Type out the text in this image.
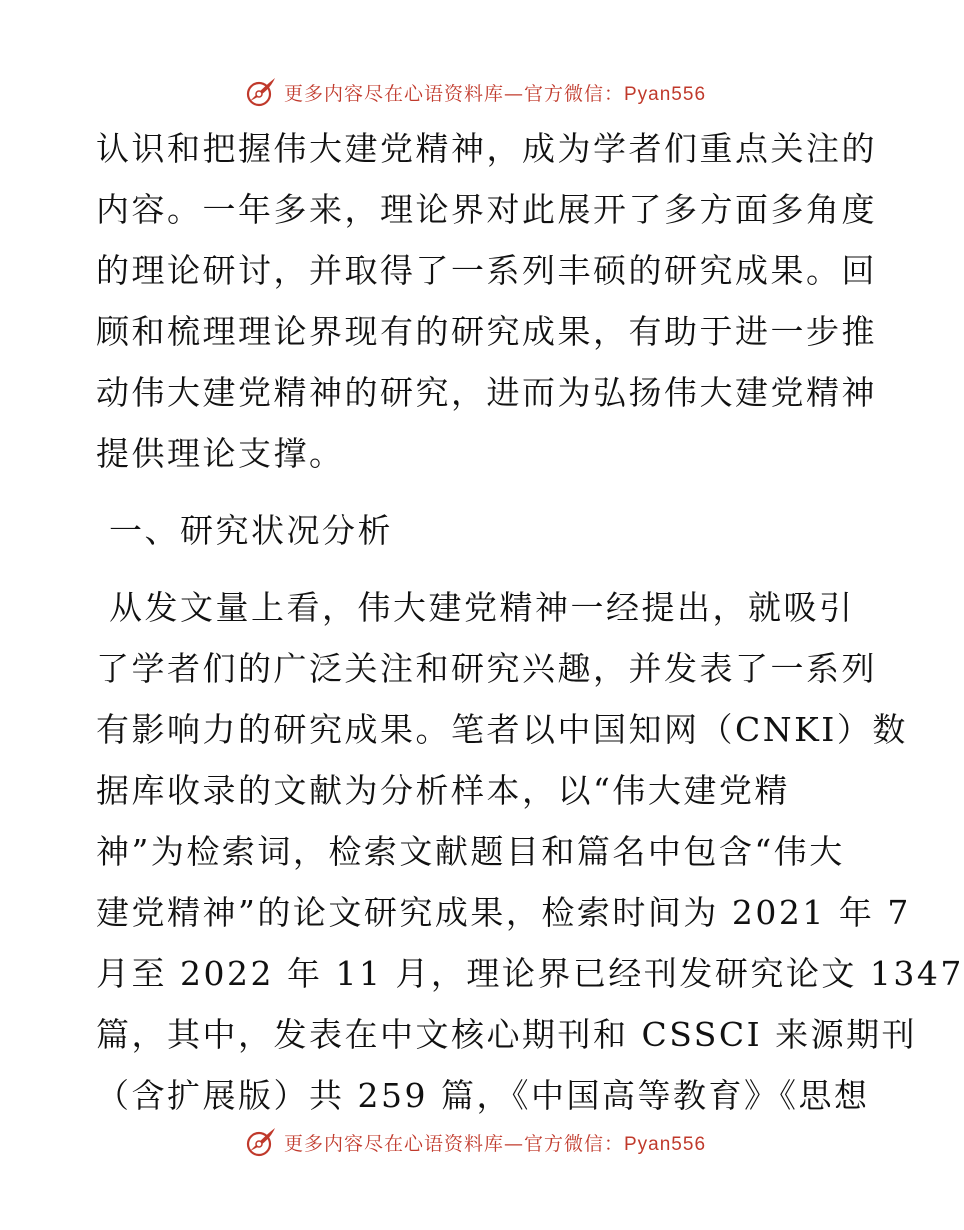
更多内容尽在心语资料库—官方微信：Pyan556
认识和把握伟大建党精神，成为学者们重点关注的
内容。一年多来，理论界对此展开了多方面多角度
的理论研讨，并取得了一系列丰硕的研究成果。回
顾和梳理理论界现有的研究成果，有助于进一步推
动伟大建党精神的研究，进而为弘扬伟大建党精神
提供理论支撑。
一、研究状况分析
从发文量上看，伟大建党精神一经提出，就吸引
了学者们的广泛关注和研究兴趣，并发表了一系列
有影响力的研究成果。笔者以中国知网（CNKI）数
据库收录的文献为分析样本，以“伟大建党精
神”为检索词，检索文献题目和篇名中包含“伟大
建党精神”的论文研究成果，检索时间为 2021 年 7
月至 2022 年 11 月，理论界已经刊发研究论文 1347
篇，其中，发表在中文核心期刊和 CSSCI 来源期刊
（含扩展版）共 259 篇，《中国高等教育》《思想
更多内容尽在心语资料库—官方微信：Pyan556
